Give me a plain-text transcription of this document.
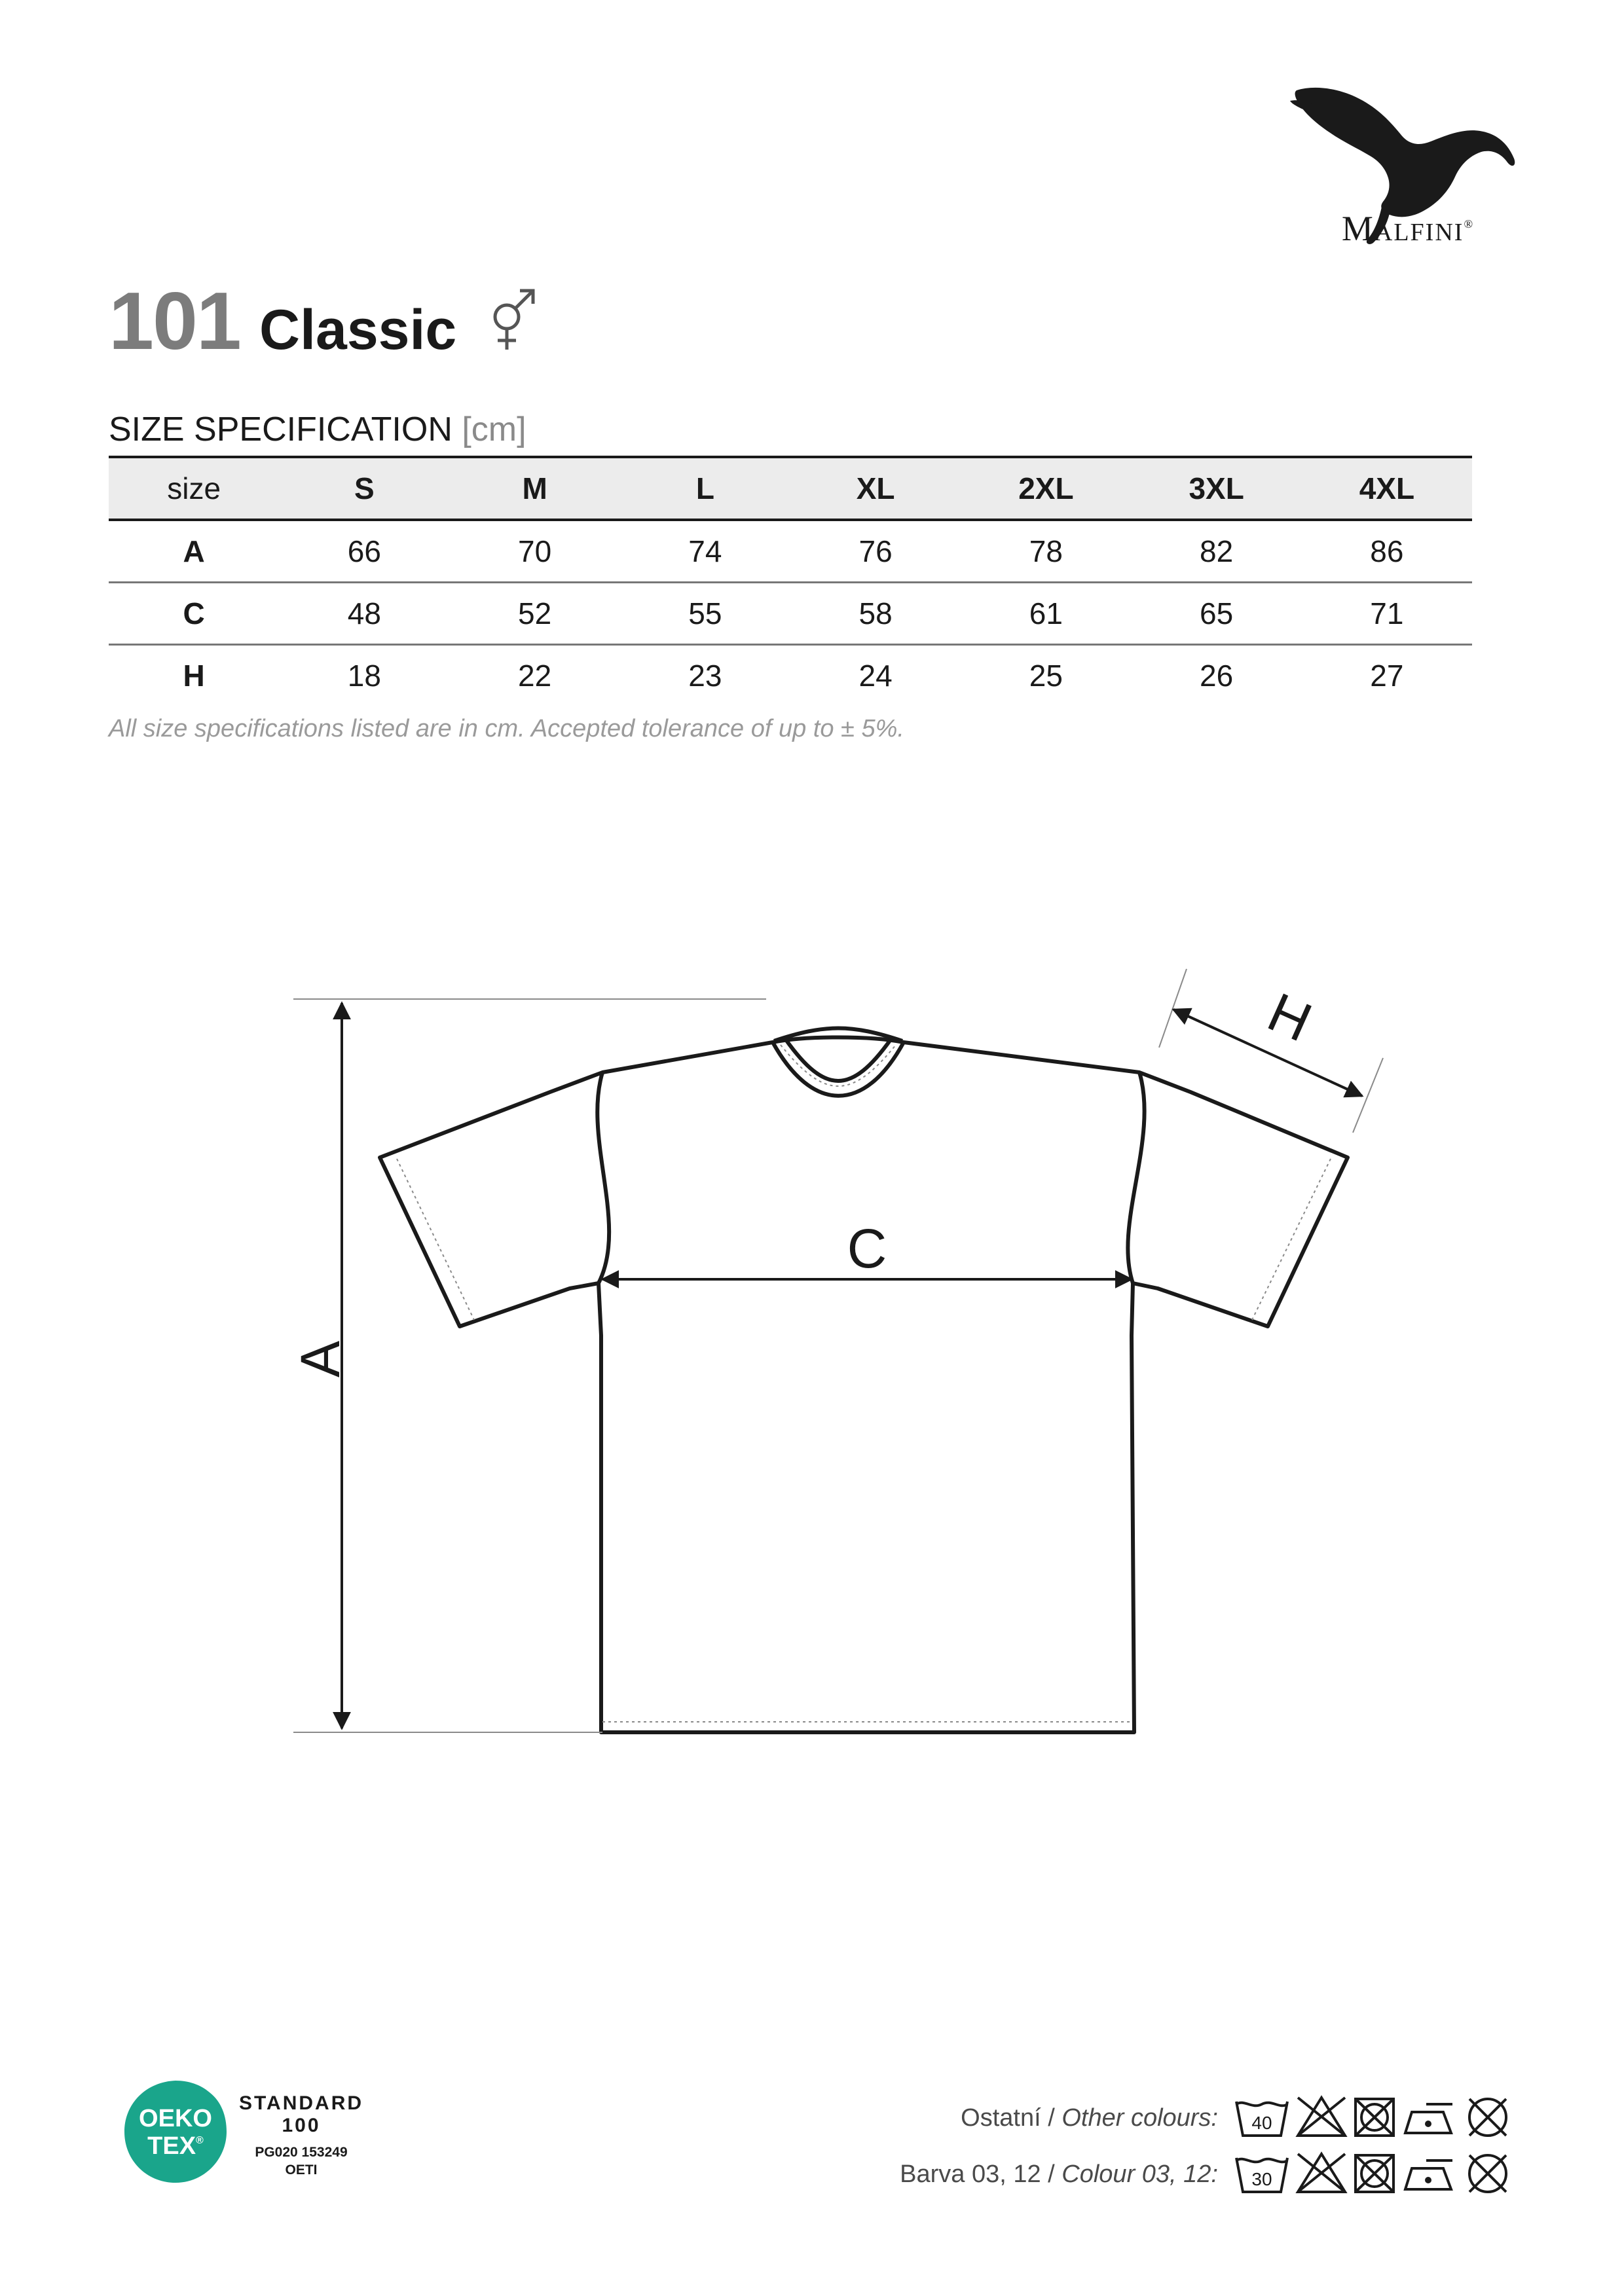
Malfini®
101 Classic
SIZE SPECIFICATION [cm]
size	S	M	L	XL	2XL	3XL	4XL
A	66	70	74	76	78	82	86
C	48	52	55	58	61	65	71
H	18	22	23	24	25	26	27
All size specifications listed are in cm. Accepted tolerance of up to ± 5%.
A
C
H
OEKO
TEX®
STANDARD
100
PG020 153249
OETI
Ostatní / Other colours:
Barva 03, 12 / Colour 03, 12:
40
30
